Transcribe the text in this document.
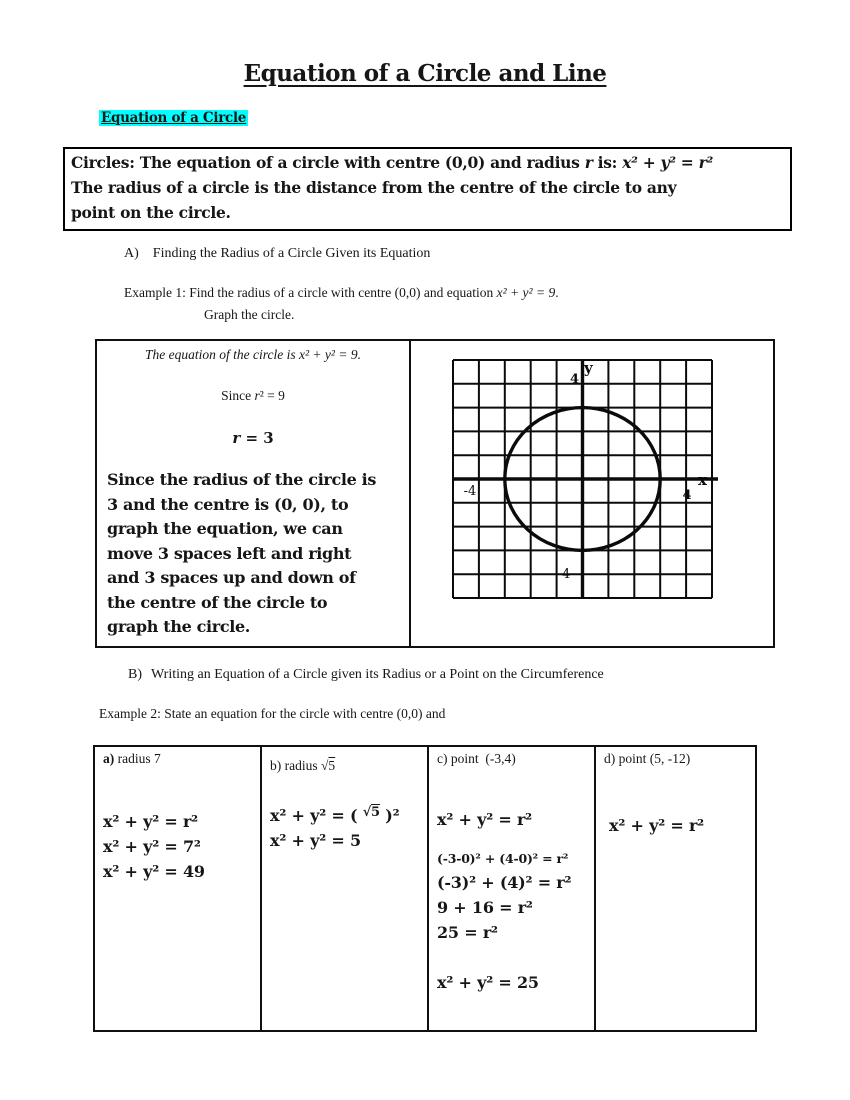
Equation of a Circle and Line
Equation of a Circle
Circles: The equation of a circle with centre (0,0) and radius r is: x² + y² = r²
The radius of a circle is the distance from the centre of the circle to any
point on the circle.
A) Finding the Radius of a Circle Given its Equation
Example 1: Find the radius of a circle with centre (0,0) and equation x² + y² = 9.
Graph the circle.
The equation of the circle is x² + y² = 9.
Since r² = 9
r = 3
Since the radius of the circle is
3 and the centre is (0, 0), to
graph the equation, we can
move 3 spaces left and right
and 3 spaces up and down of
the centre of the circle to
graph the circle.
4
y
-4	4
x
-4
B) Writing an Equation of a Circle given its Radius or a Point on the Circumference
Example 2: State an equation for the circle with centre (0,0) and
a) radius 7
x² + y² = r²
x² + y² = 7²
x² + y² = 49
b) radius √5
x² + y² = ( $^{√5}$ )²
x² + y² = 5
c) point  (-3,4)
x² + y² = r²
(-3-0)² + (4-0)² = r²
(-3)² + (4)² = r²
9 + 16 = r²
25 = r²
x² + y² = 25
d) point (5, -12)
x² + y² = r²
